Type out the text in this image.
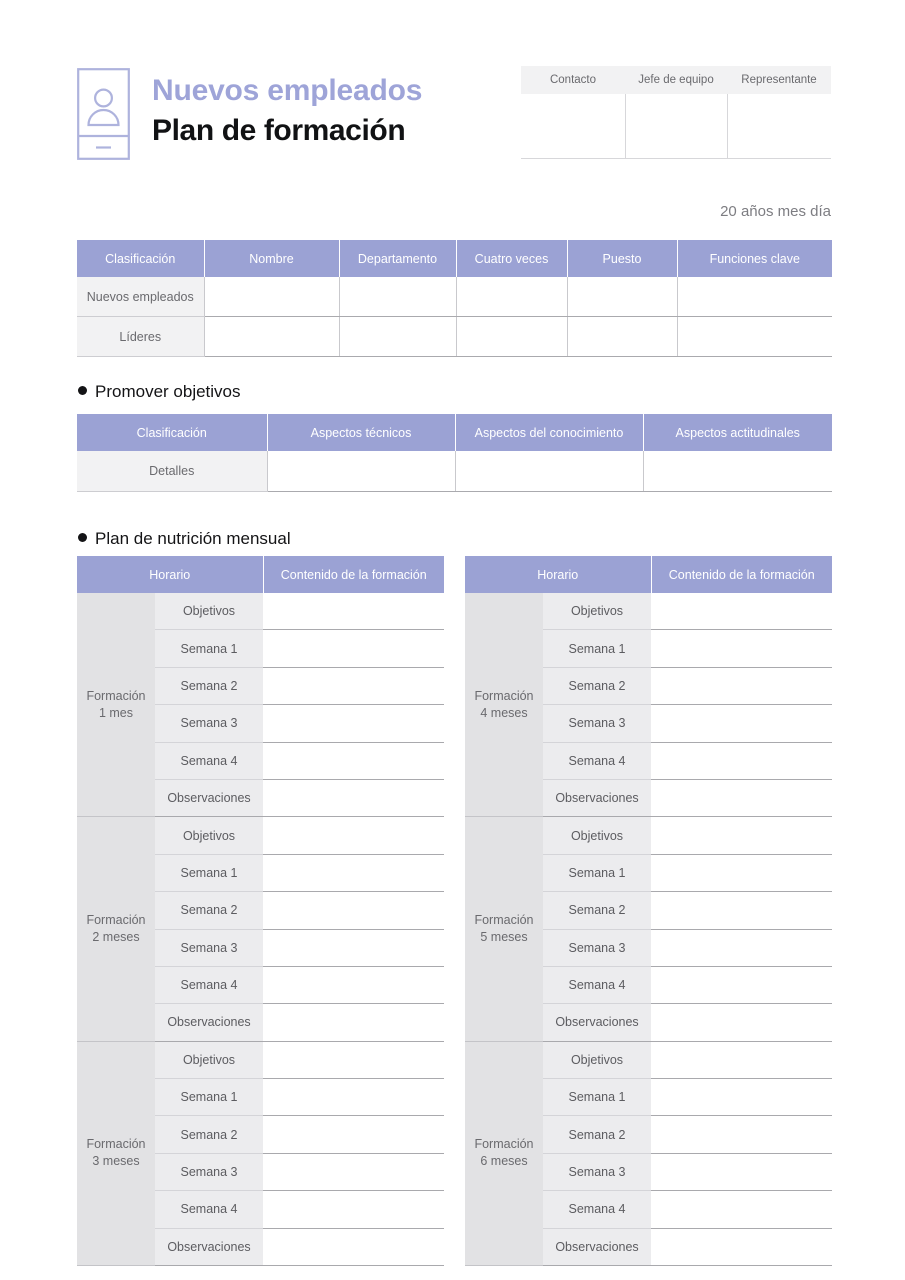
Nuevos empleados
Plan de formación
Contacto	Jefe de equipo	Representante

20 años mes día
Clasificación	Nombre	Departamento	Cuatro veces	Puesto	Funciones clave
Nuevos empleados					
Líderes					
Promover objetivos
Clasificación	Aspectos técnicos	Aspectos del conocimiento	Aspectos actitudinales
Detalles			
Plan de nutrición mensual
Horario		Contenido de la formación
Formación
1 mes	Objetivos	
	Semana 1	
	Semana 2	
	Semana 3	
	Semana 4	
	Observaciones	
Formación
2 meses	Objetivos	
	Semana 1	
	Semana 2	
	Semana 3	
	Semana 4	
	Observaciones	
Formación
3 meses	Objetivos	
	Semana 1	
	Semana 2	
	Semana 3	
	Semana 4	
	Observaciones	
Horario		Contenido de la formación
Formación
4 meses	Objetivos	
	Semana 1	
	Semana 2	
	Semana 3	
	Semana 4	
	Observaciones	
Formación
5 meses	Objetivos	
	Semana 1	
	Semana 2	
	Semana 3	
	Semana 4	
	Observaciones	
Formación
6 meses	Objetivos	
	Semana 1	
	Semana 2	
	Semana 3	
	Semana 4	
	Observaciones	
